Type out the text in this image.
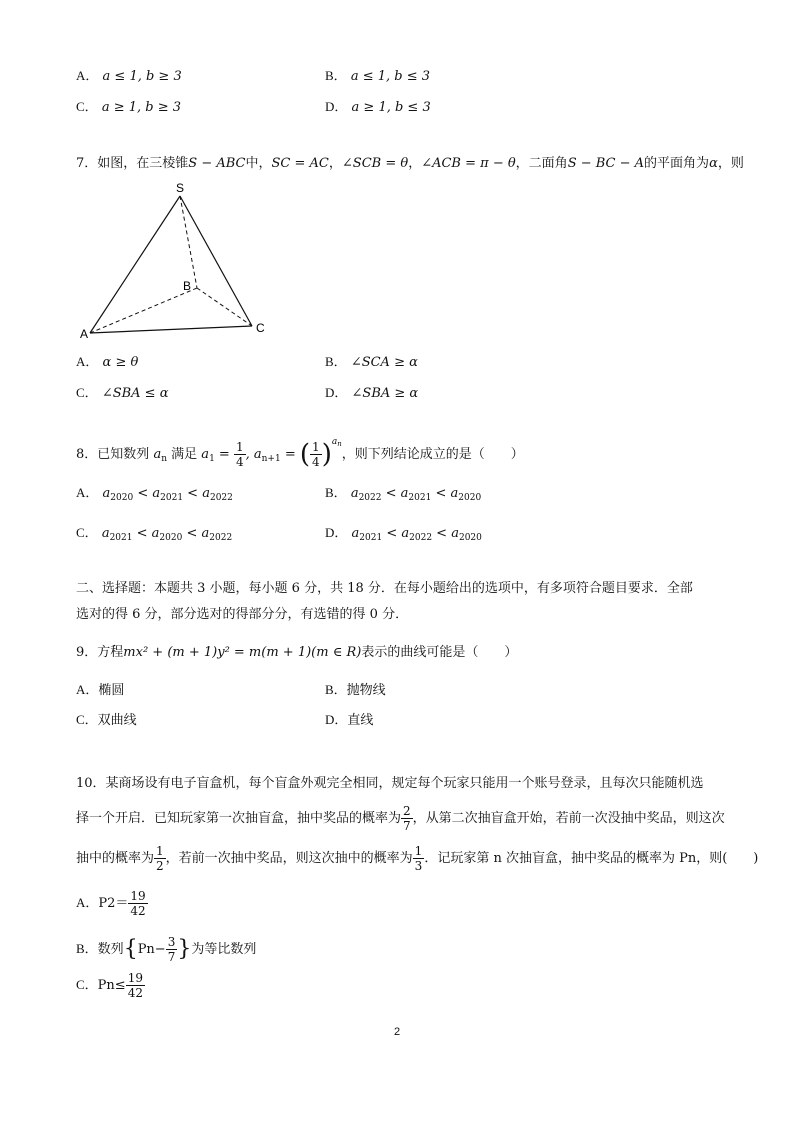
A． a ≤ 1, b ≥ 3	B． a ≤ 1, b ≤ 3
C． a ≥ 1, b ≥ 3	D． a ≥ 1, b ≤ 3
7．如图，在三棱锥S − ABC中，SC = AC，∠SCB = θ，∠ACB = π − θ，二面角S − BC − A的平面角为α，则
S
A
B
C
A． α ≥ θ	B． ∠SCA ≥ α
C． ∠SBA ≤ α	D． ∠SBA ≥ α
8．已知数列 $a_n$ 满足 $a_1 = \frac{1}{4}$ , $a_{n+1}$ = ( $\frac{1}{4} )^{a_n}$，则下列结论成立的是（　　）
A． $a_{2020} < a_{2021} < a_{2022}$	B． $a_{2022} < a_{2021} < a_{2020}$
C． $a_{2021} < a_{2020} < a_{2022}$	D． $a_{2021} < a_{2022} < a_{2020}$
二、选择题：本题共 3 小题，每小题 6 分，共 18 分．在每小题给出的选项中，有多项符合题目要求．全部
选对的得 6 分，部分选对的得部分分，有选错的得 0 分．
9．方程mx² + (m + 1)y² = m(m + 1)(m ∈ R)表示的曲线可能是（　　）
A．椭圆	B．抛物线
C．双曲线	D．直线
10．某商场设有电子盲盒机，每个盲盒外观完全相同，规定每个玩家只能用一个账号登录，且每次只能随机选
择一个开启．已知玩家第一次抽盲盒，抽中奖品的概率为 $\frac{2}{7}$ ，从第二次抽盲盒开始，若前一次没抽中奖品，则这次
抽中的概率为 $\frac{1}{2}$ ，若前一次抽中奖品，则这次抽中的概率为 $\frac{1}{3}$ ．记玩家第 n 次抽盲盒，抽中奖品的概率为 Pn，则(　　)
A．$P2= \frac{19}{42}$
B．数列{$Pn- \frac{3}{7}$ }为等比数列
C．$Pn\le \frac{19}{42}$
2
